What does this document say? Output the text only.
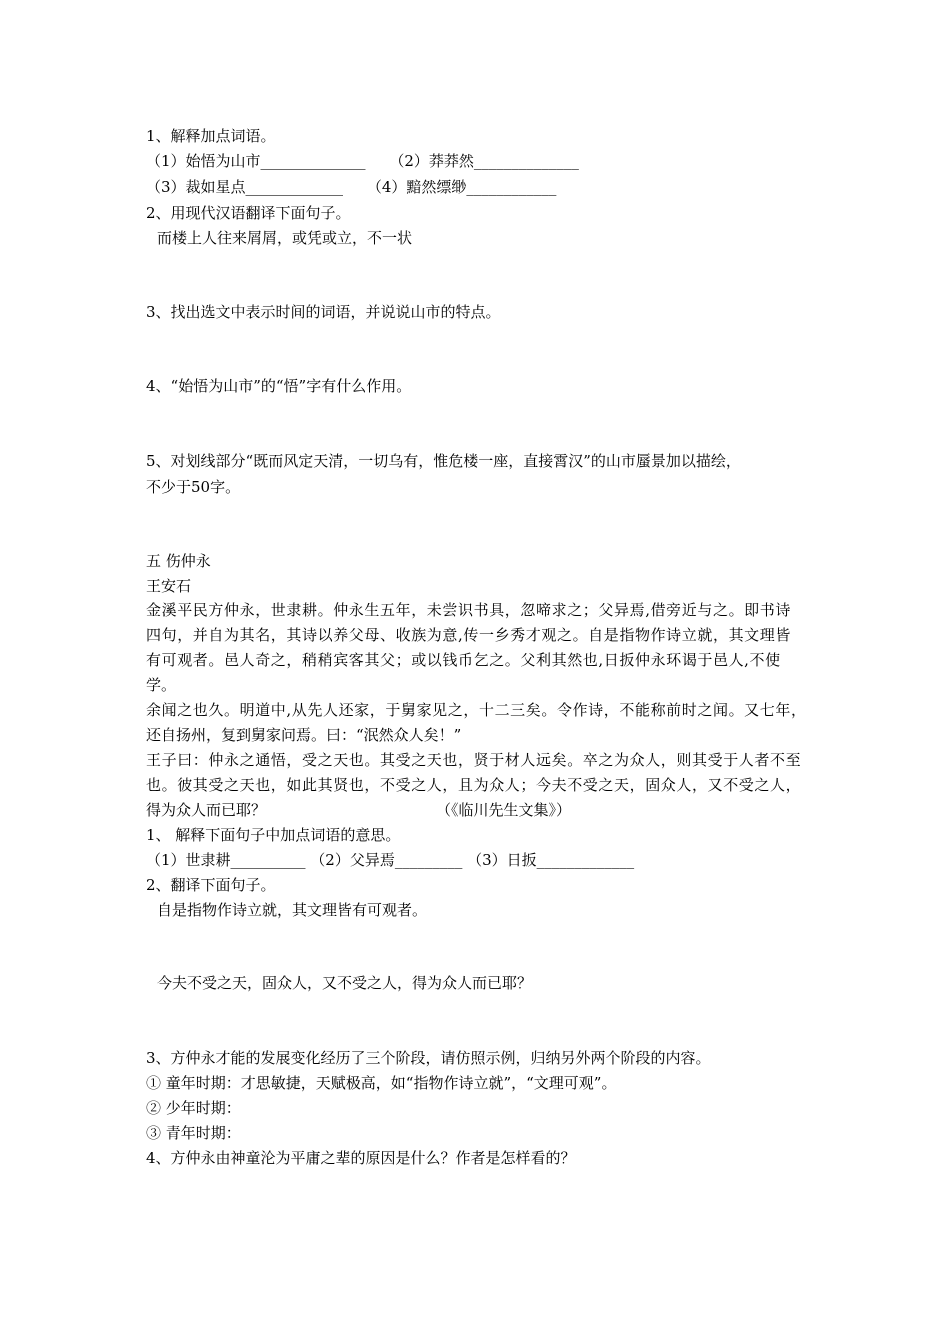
1、解释加点词语。
（1）始悟为山市______________     （2）莽莽然______________
（3）裁如星点_____________     （4）黯然缥缈____________
2、用现代汉语翻译下面句子。
而楼上人往来屑屑，或凭或立，不一状
3、找出选文中表示时间的词语，并说说山市的特点。
4、“始悟为山市”的“悟”字有什么作用。
5、对划线部分“既而风定天清，一切乌有，惟危楼一座，直接霄汉”的山市蜃景加以描绘，
不少于50字。
五 伤仲永
王安石
金溪平民方仲永，世隶耕。仲永生五年，未尝识书具，忽啼求之；父异焉,借旁近与之。即书诗
四句，并自为其名，其诗以养父母、收族为意,传一乡秀才观之。自是指物作诗立就，其文理皆
有可观者。邑人奇之，稍稍宾客其父；或以钱币乞之。父利其然也,日扳仲永环谒于邑人,不使
学。
余闻之也久。明道中,从先人还家，于舅家见之，十二三矣。令作诗，不能称前时之闻。又七年，
还自扬州，复到舅家问焉。曰：“泯然众人矣！”
王子曰：仲永之通悟，受之天也。其受之天也，贤于材人远矣。卒之为众人，则其受于人者不至
也。彼其受之天也，如此其贤也，不受之人，且为众人；今夫不受之天，固众人，又不受之人，
得为众人而已耶？	（《临川先生文集》）
1、 解释下面句子中加点词语的意思。
（1）世隶耕__________ （2）父异焉_________ （3）日扳_____________
2、翻译下面句子。
自是指物作诗立就，其文理皆有可观者。
今夫不受之天，固众人，又不受之人，得为众人而已耶？
3、方仲永才能的发展变化经历了三个阶段，请仿照示例，归纳另外两个阶段的内容。
① 童年时期：才思敏捷，天赋极高，如“指物作诗立就”，“文理可观”。
② 少年时期：
③ 青年时期：
4、方仲永由神童沦为平庸之辈的原因是什么？作者是怎样看的？
